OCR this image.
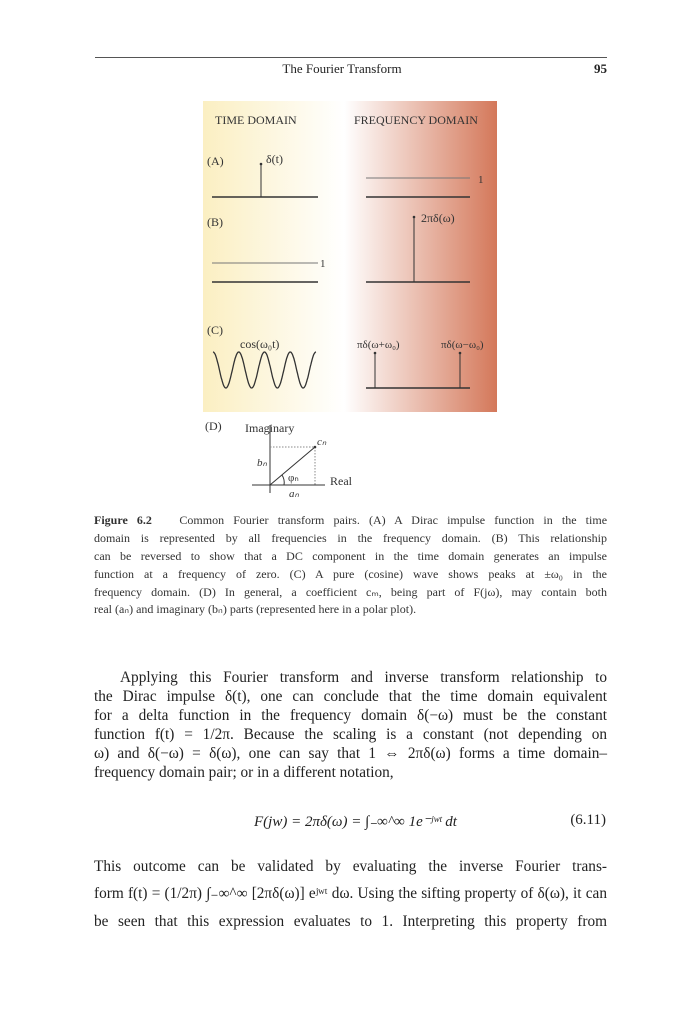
The Fourier Transform	95
TIME DOMAIN	FREQUENCY DOMAIN
(A)	δ(t)
1
(B)
1
2πδ(ω)
(C)
cos(ω₀t)	πδ(ω+ω₀)	πδ(ω−ω₀)
(D) Imaginary
Real
cₙ
bₙ
φₙ
aₙ
Figure 6.2 Common Fourier transform pairs. (A) A Dirac impulse function in the time
domain is represented by all frequencies in the frequency domain. (B) This relationship
can be reversed to show that a DC component in the time domain generates an impulse
function at a frequency of zero. (C) A pure (cosine) wave shows peaks at ±ω₀ in the
frequency domain. (D) In general, a coefficient cₘ, being part of F(jω), may contain both
real (aₙ) and imaginary (bₙ) parts (represented here in a polar plot).
Applying this Fourier transform and inverse transform relationship to
the Dirac impulse δ(t), one can conclude that the time domain equivalent
for a delta function in the frequency domain δ(−ω) must be the constant
function f(t) = 1/2π. Because the scaling is a constant (not depending on
ω) and δ(−ω) = δ(ω), one can say that 1 ⇔ 2πδ(ω) forms a time domain–
frequency domain pair; or in a different notation,
F(jw) = 2πδ(ω) = ∫₋∞^∞ 1e⁻ʲʷᵗ dt	(6.11)
This outcome can be validated by evaluating the inverse Fourier trans-
form f(t) = (1/2π) ∫₋∞^∞ [2πδ(ω)] eʲʷᵗ dω. Using the sifting property of δ(ω), it can
be seen that this expression evaluates to 1. Interpreting this property from
